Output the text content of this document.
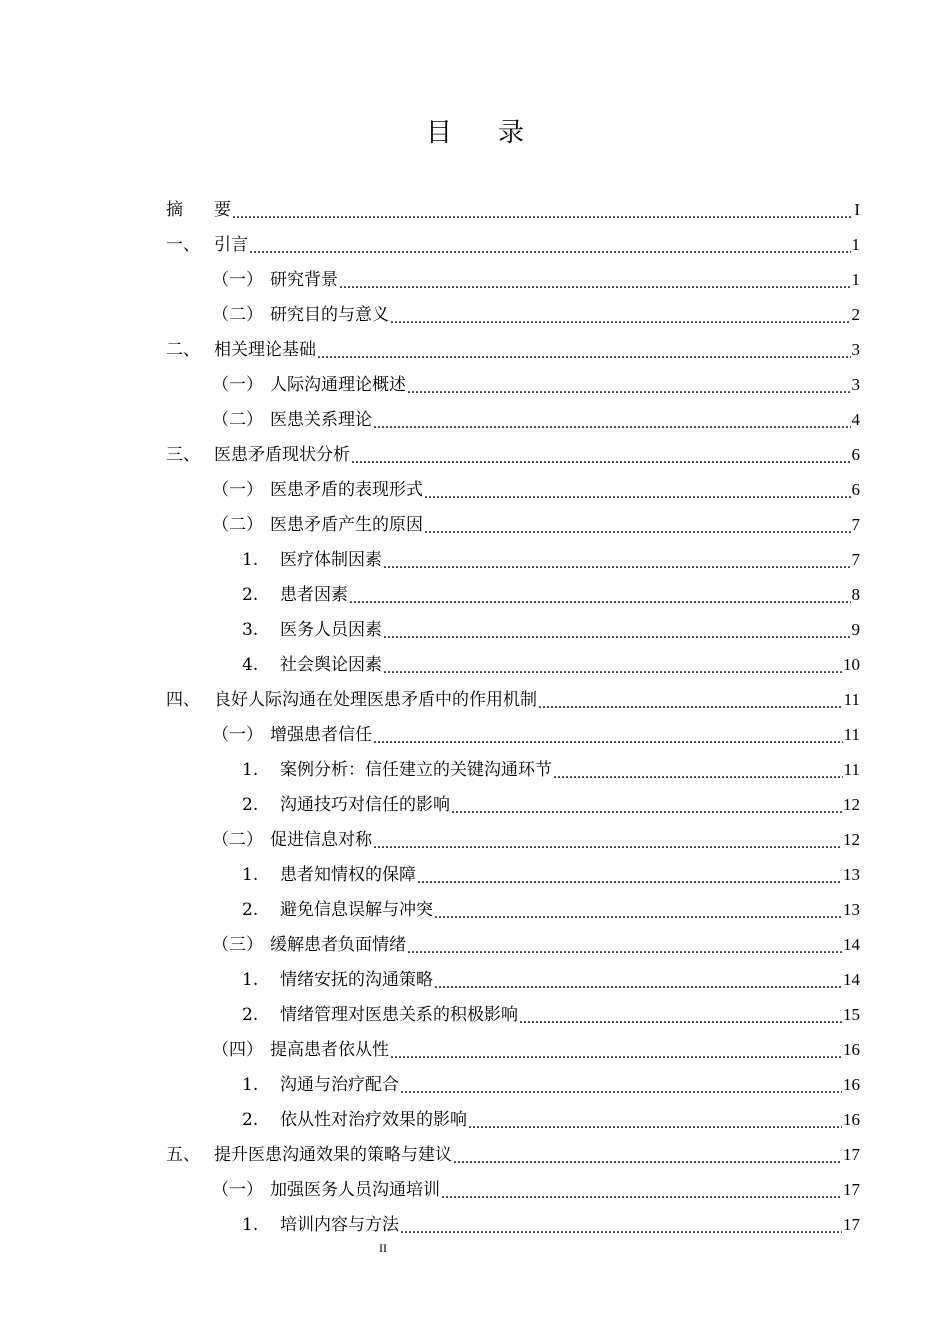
目 录
摘	要 .....	I
一、 引言 .....	1
（一） 研究背景 .....	1
（二） 研究目的与意义 .....	2
二、 相关理论基础 .....	3
（一） 人际沟通理论概述 .....	3
（二） 医患关系理论 .....	4
三、 医患矛盾现状分析 .....	6
（一） 医患矛盾的表现形式 .....	6
（二） 医患矛盾产生的原因 .....	7
1.	医疗体制因素 .....	7
2.	患者因素 .....	8
3.	医务人员因素 .....	9
4.	社会舆论因素 .....	10
四、 良好人际沟通在处理医患矛盾中的作用机制 .....	11
（一） 增强患者信任 .....	11
1.	案例分析：信任建立的关键沟通环节 .....	11
2.	沟通技巧对信任的影响 .....	12
（二） 促进信息对称 .....	12
1.	患者知情权的保障 .....	13
2.	避免信息误解与冲突 .....	13
（三） 缓解患者负面情绪 .....	14
1.	情绪安抚的沟通策略 .....	14
2.	情绪管理对医患关系的积极影响 .....	15
（四） 提高患者依从性 .....	16
1.	沟通与治疗配合 .....	16
2.	依从性对治疗效果的影响 .....	16
五、 提升医患沟通效果的策略与建议 .....	17
（一） 加强医务人员沟通培训 .....	17
1.	培训内容与方法 .....	17
II
